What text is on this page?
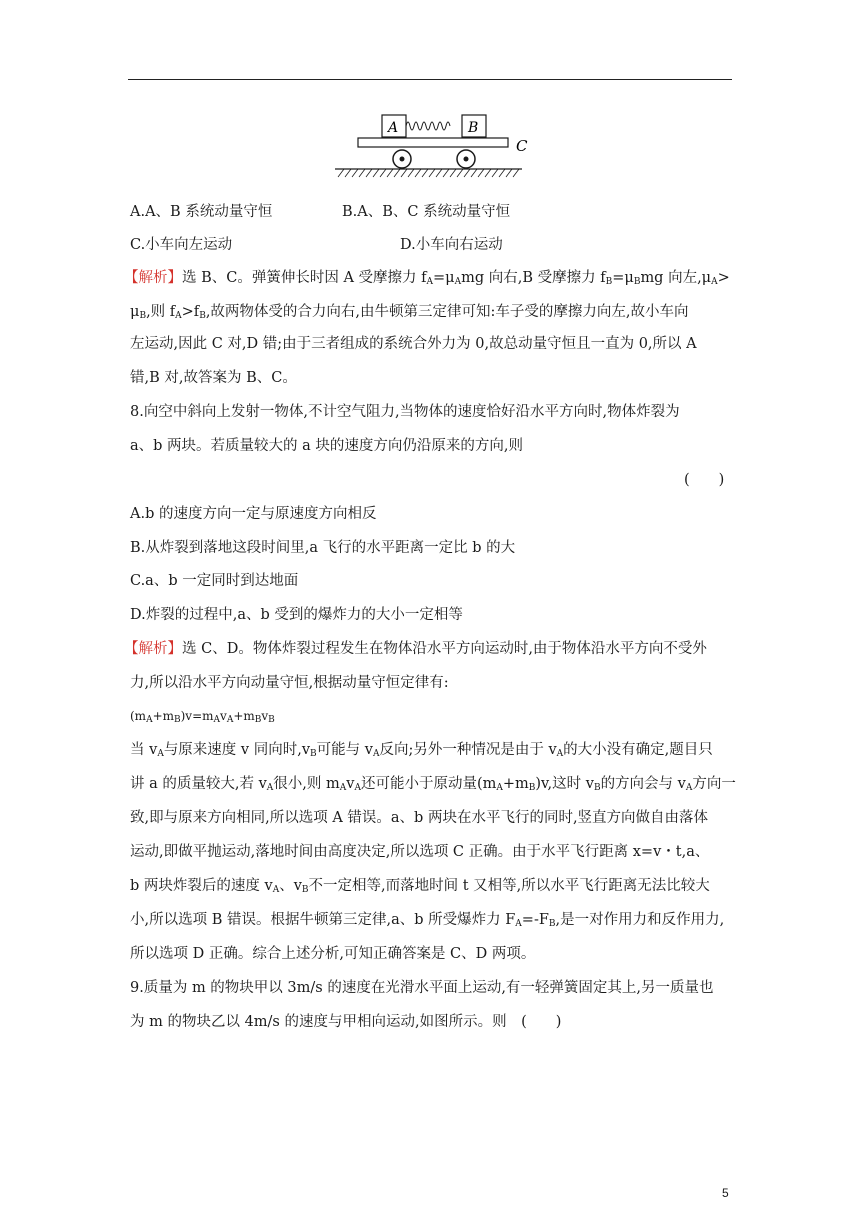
A	B
C
A.A、B 系统动量守恒	B.A、B、C 系统动量守恒
C.小车向左运动	D.小车向右运动
【解析】选 B、C。弹簧伸长时因 A 受摩擦力 $f_A=\mu_Amg$ 向右,B 受摩擦力 $f_B=\mu_Bmg$ 向左$,\mu_A>$
$\mu_B$,则 $f_A>f_B$,故两物体受的合力向右,由牛顿第三定律可知:车子受的摩擦力向左,故小车向
左运动,因此 C 对,D 错;由于三者组成的系统合外力为 0,故总动量守恒且一直为 0,所以 A
错,B 对,故答案为 B、C。
8.向空中斜向上发射一物体,不计空气阻力,当物体的速度恰好沿水平方向时,物体炸裂为
a、b 两块。若质量较大的 a 块的速度方向仍沿原来的方向,则
(　　)
A.b 的速度方向一定与原速度方向相反
B.从炸裂到落地这段时间里,a 飞行的水平距离一定比 b 的大
C.a、b 一定同时到达地面
D.炸裂的过程中,a、b 受到的爆炸力的大小一定相等
【解析】选 C、D。物体炸裂过程发生在物体沿水平方向运动时,由于物体沿水平方向不受外
力,所以沿水平方向动量守恒,根据动量守恒定律有:
$(m_A+m_B)v=m_Av_A+m_Bv_B$
当 $v_A$与原来速度 v 同向时$,v_B$可能与 $v_A$反向;另外一种情况是由于 $v_A$的大小没有确定,题目只
讲 a 的质量较大,若 $v_A$很小,则 $m_Av_A$还可能小于原动量$(m_A+m_B)v$,这时 $v_B$的方向会与 $v_A$方向一
致,即与原来方向相同,所以选项 A 错误。a、b 两块在水平飞行的同时,竖直方向做自由落体
运动,即做平抛运动,落地时间由高度决定,所以选项 C 正确。由于水平飞行距离 x=v・t,a、
b 两块炸裂后的速度 $v_A$、$v_B$不一定相等,而落地时间 t 又相等,所以水平飞行距离无法比较大
小,所以选项 B 错误。根据牛顿第三定律,a、b 所受爆炸力 $F_A=-F_B$,是一对作用力和反作用力,
所以选项 D 正确。综合上述分析,可知正确答案是 C、D 两项。
9.质量为 m 的物块甲以 3m/s 的速度在光滑水平面上运动,有一轻弹簧固定其上,另一质量也
为 m 的物块乙以 4m/s 的速度与甲相向运动,如图所示。则　(　　)
5
